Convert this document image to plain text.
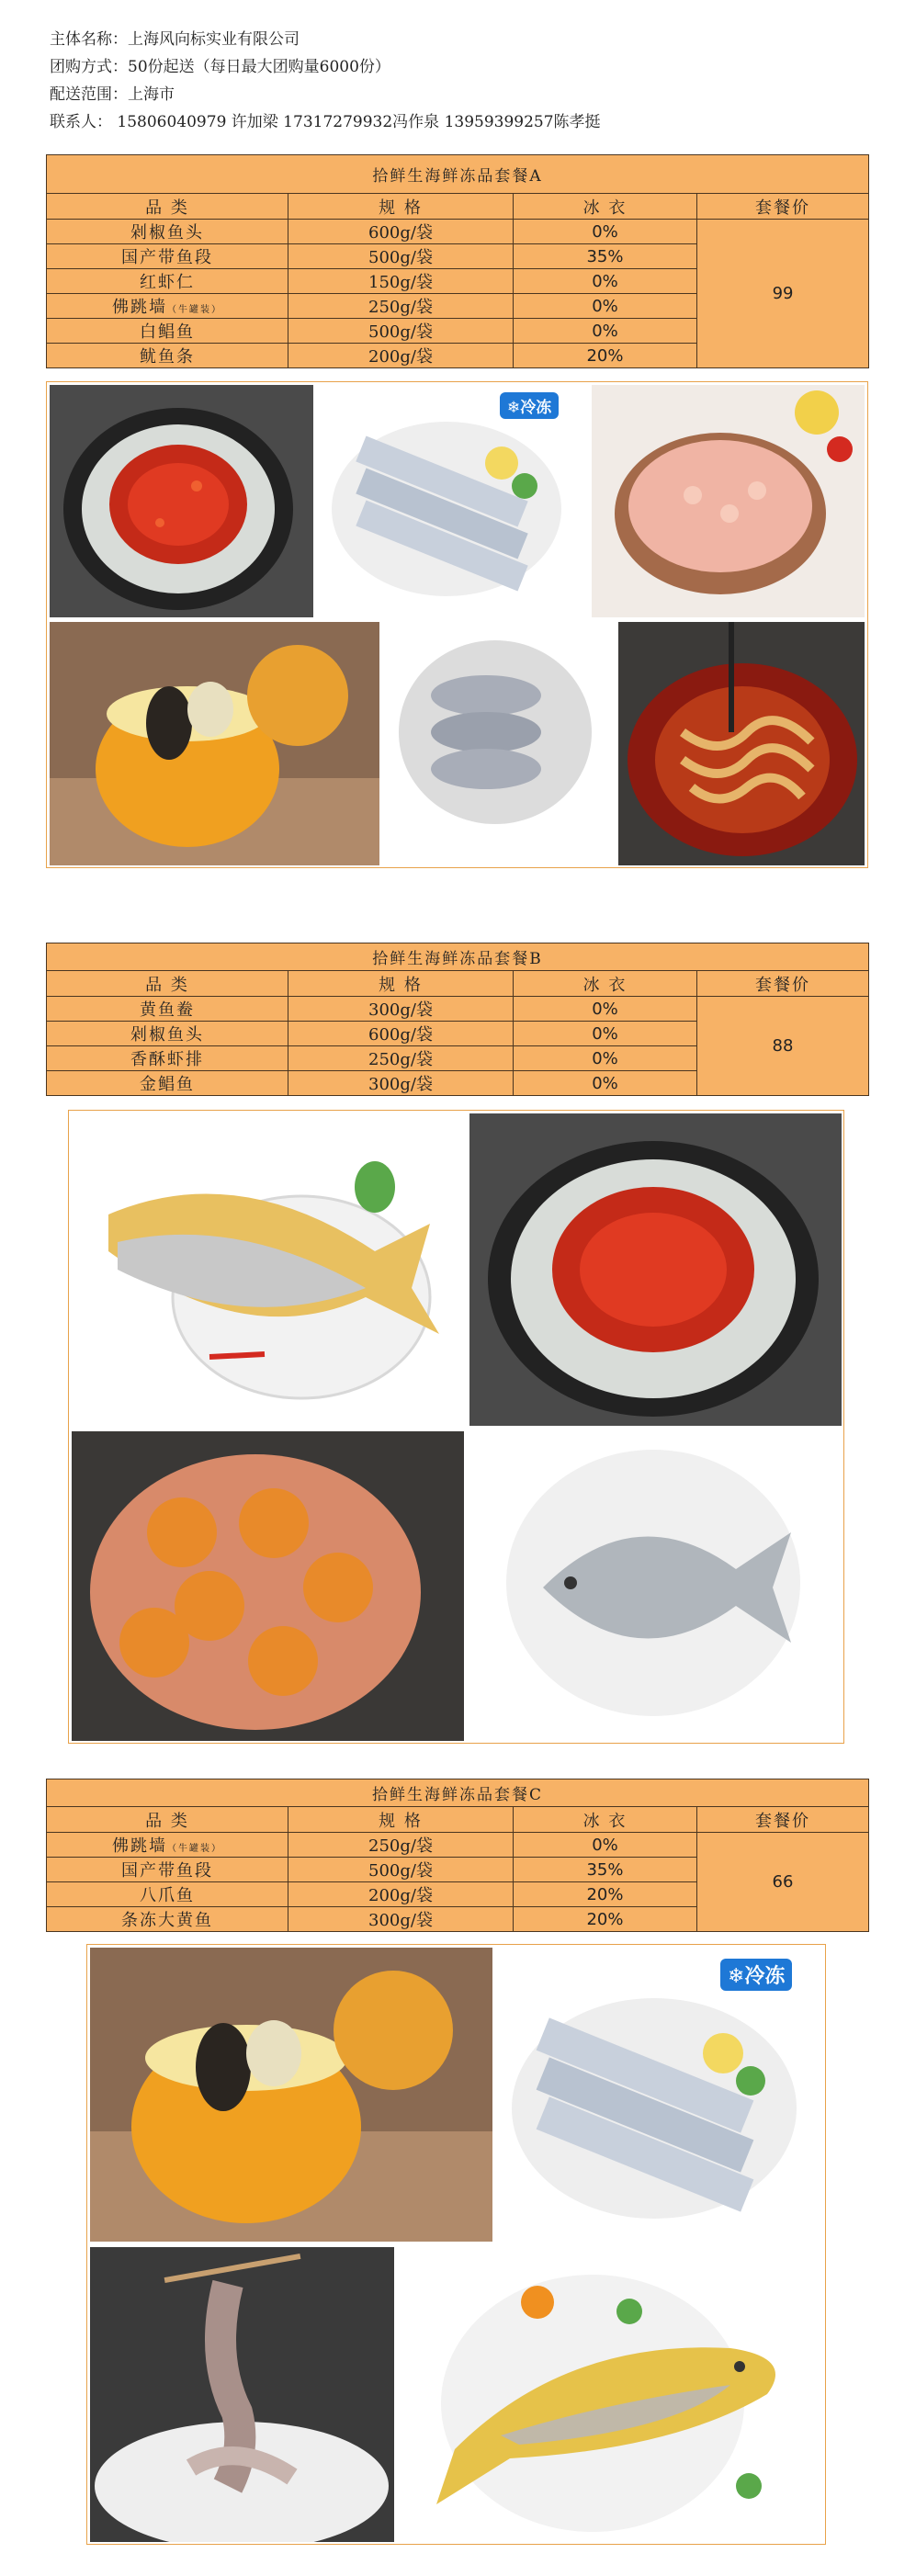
主体名称：上海风向标实业有限公司
团购方式：50份起送（每日最大团购量6000份）
配送范围：上海市
联系人： 15806040979 许加梁 17317279932冯作泉 13959399257陈孝挺
拾鲜生海鲜冻品套餐A			
品 类	规 格	冰 衣	套餐价
剁椒鱼头	600g/袋	0%	99
国产带鱼段	500g/袋	35%	
红虾仁	150g/袋	0%	
佛跳墙（牛罐装）	250g/袋	0%	
白鲳鱼	500g/袋	0%	
鱿鱼条	200g/袋	20%	
❄冷冻
拾鲜生海鲜冻品套餐B			
品 类	规 格	冰 衣	套餐价
黄鱼鲞	300g/袋	0%	88
剁椒鱼头	600g/袋	0%	
香酥虾排	250g/袋	0%	
金鲳鱼	300g/袋	0%	
拾鲜生海鲜冻品套餐C			
品 类	规 格	冰 衣	套餐价
佛跳墙（牛罐装）	250g/袋	0%	66
国产带鱼段	500g/袋	35%	
八爪鱼	200g/袋	20%	
条冻大黄鱼	300g/袋	20%	
❄冷冻
